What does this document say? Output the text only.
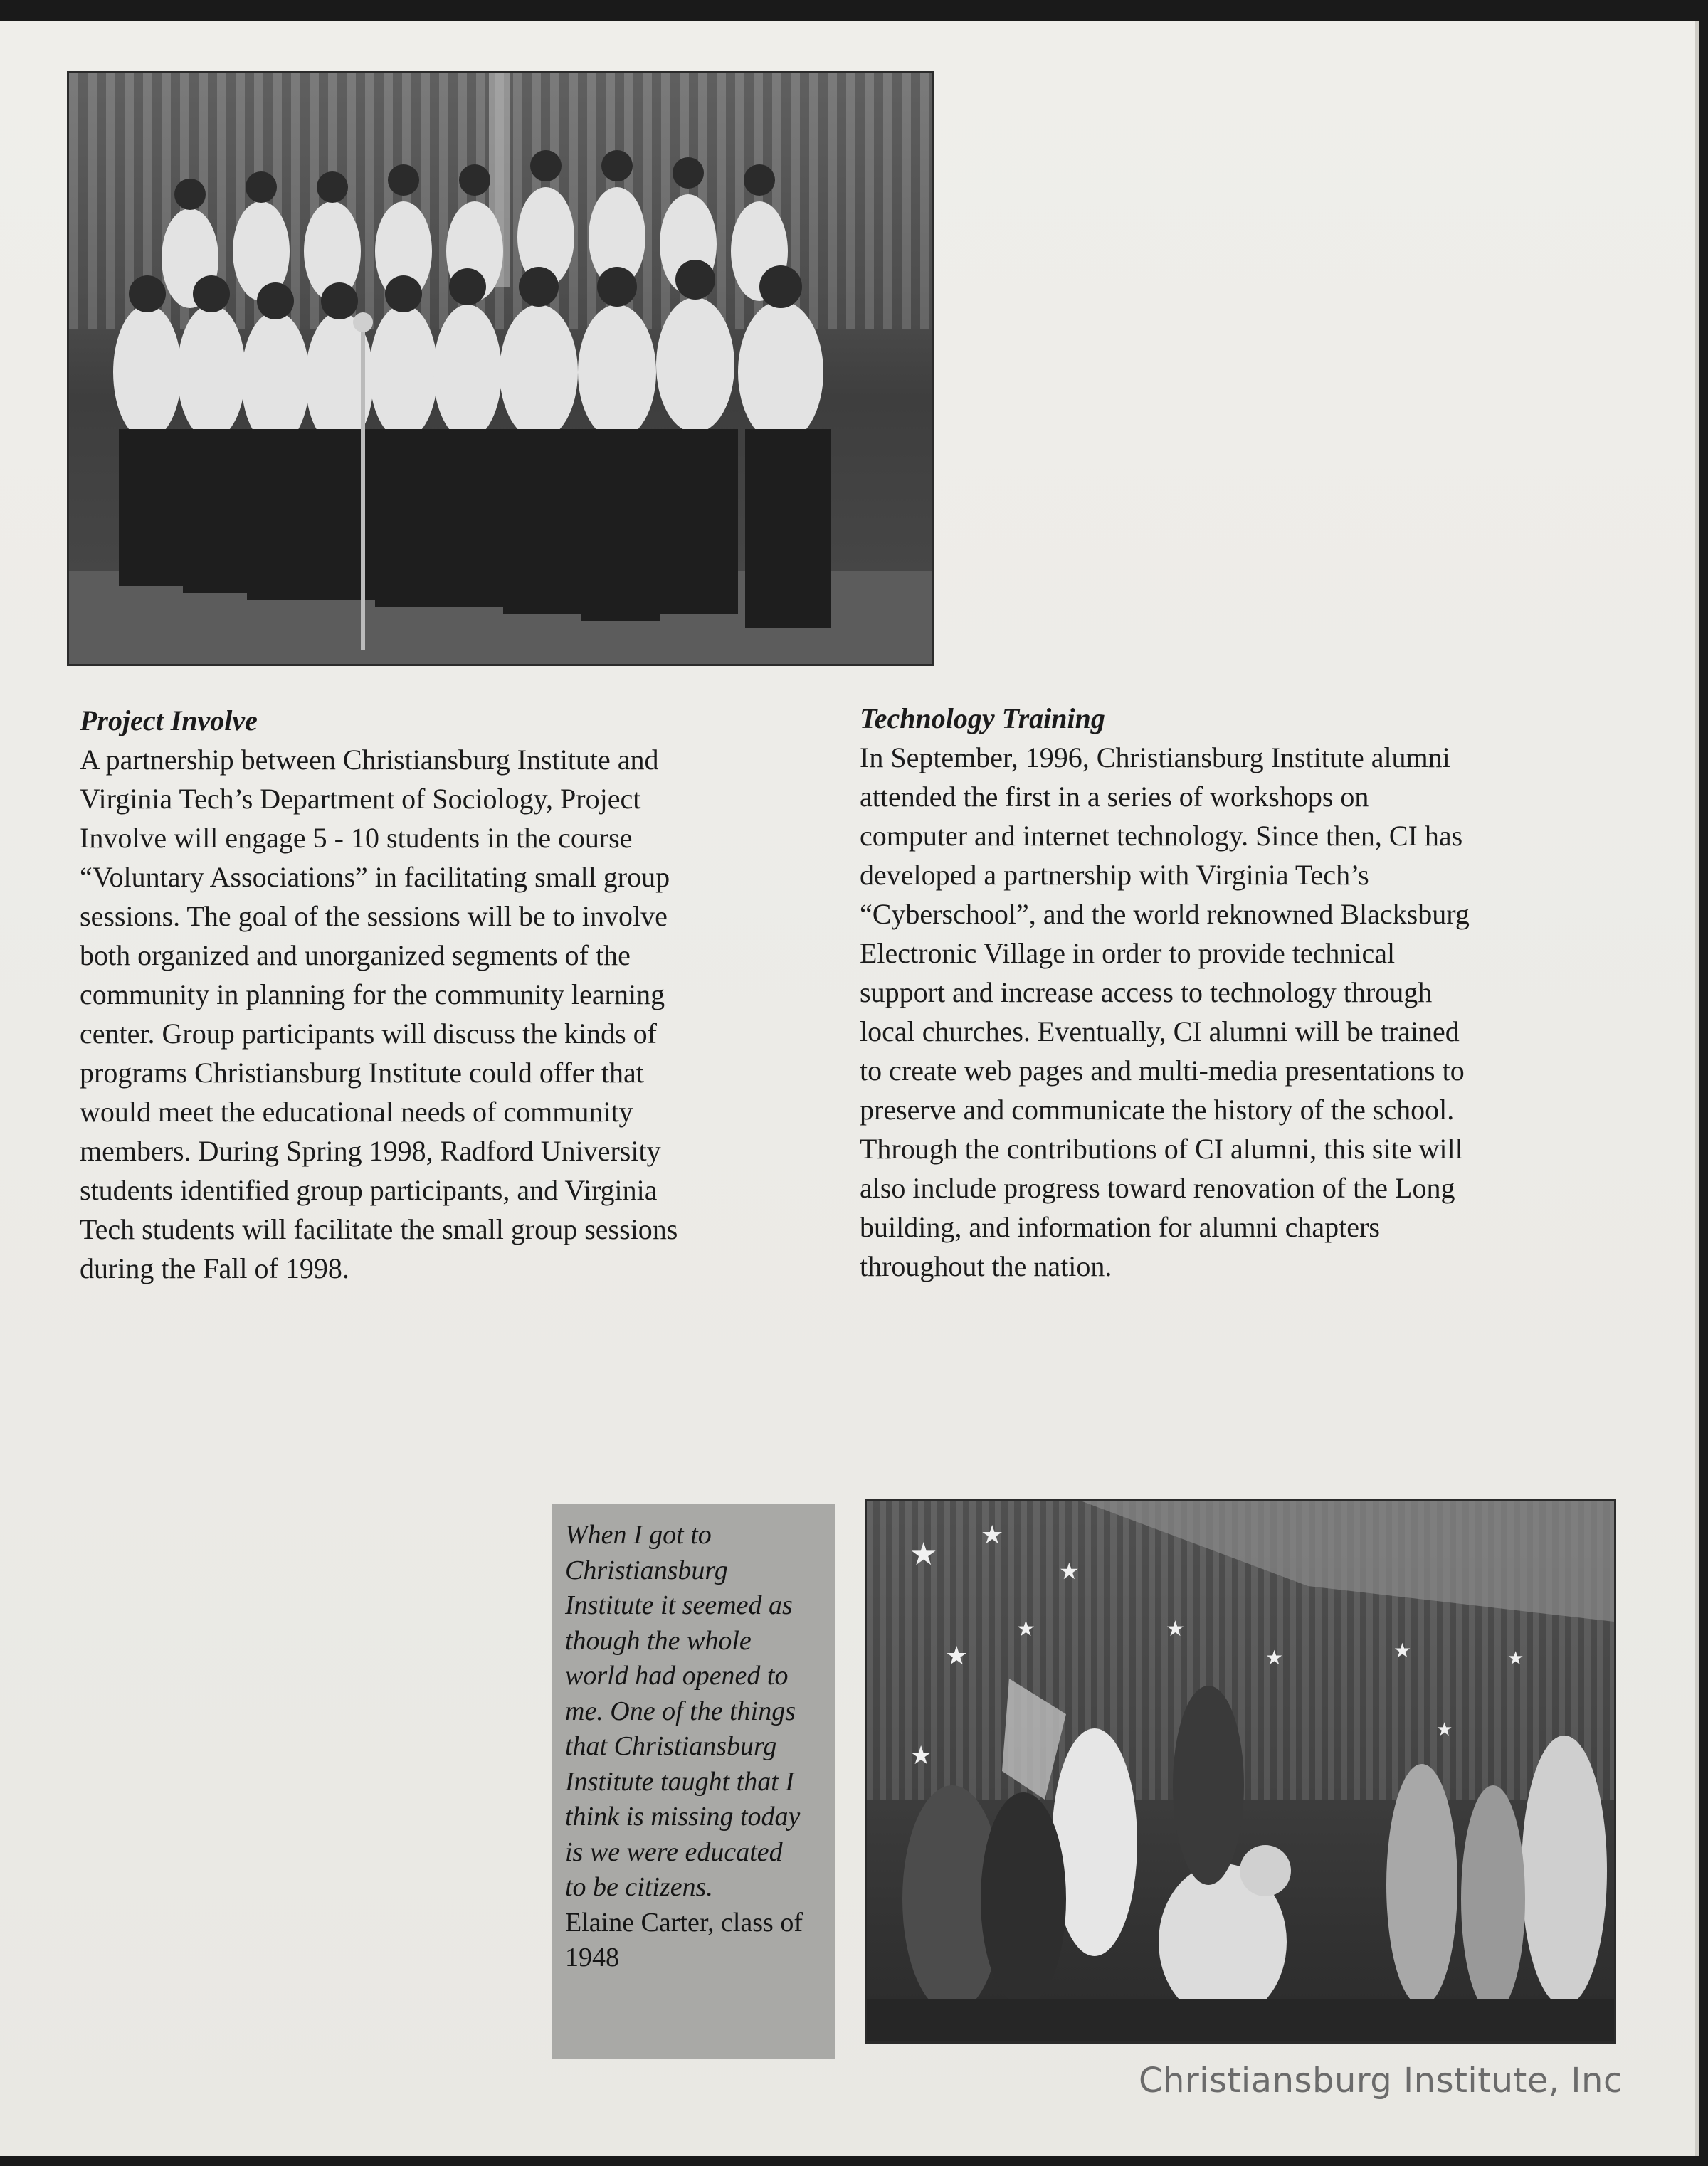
Project Involve

A partnership between Christiansburg Institute and

Virginia Tech’s Department of Sociology, Project

Involve will engage 5 - 10 students in the course

“Voluntary Associations” in facilitating small group

sessions. The goal of the sessions will be to involve

both organized and unorganized segments of the

community in planning for the community learning

center. Group participants will discuss the kinds of

programs Christiansburg Institute could offer that

would meet the educational needs of community

members. During Spring 1998, Radford University

students identified group participants, and Virginia

Tech students will facilitate the small group sessions

during the Fall of 1998.

Technology Training

In September, 1996, Christiansburg Institute alumni

attended the first in a series of workshops on

computer and internet technology. Since then, CI has

developed a partnership with Virginia Tech’s

“Cyberschool”, and the world reknowned Blacksburg

Electronic Village in order to provide technical

support and increase access to technology through

local churches. Eventually, CI alumni will be trained

to create web pages and multi-media presentations to

preserve and communicate the history of the school.

Through the contributions of CI alumni, this site will

also include progress toward renovation of the Long

building, and information for alumni chapters

throughout the nation.

When I got to
Christiansburg
Institute it seemed as
though the whole
world had opened to
me. One of the things
that Christiansburg
Institute taught that I
think is missing today
is we were educated
to be citizens.
Elaine Carter, class of
1948
★
★
★
★
★
★
★
★	★	★
★
Christiansburg Institute, Inc
